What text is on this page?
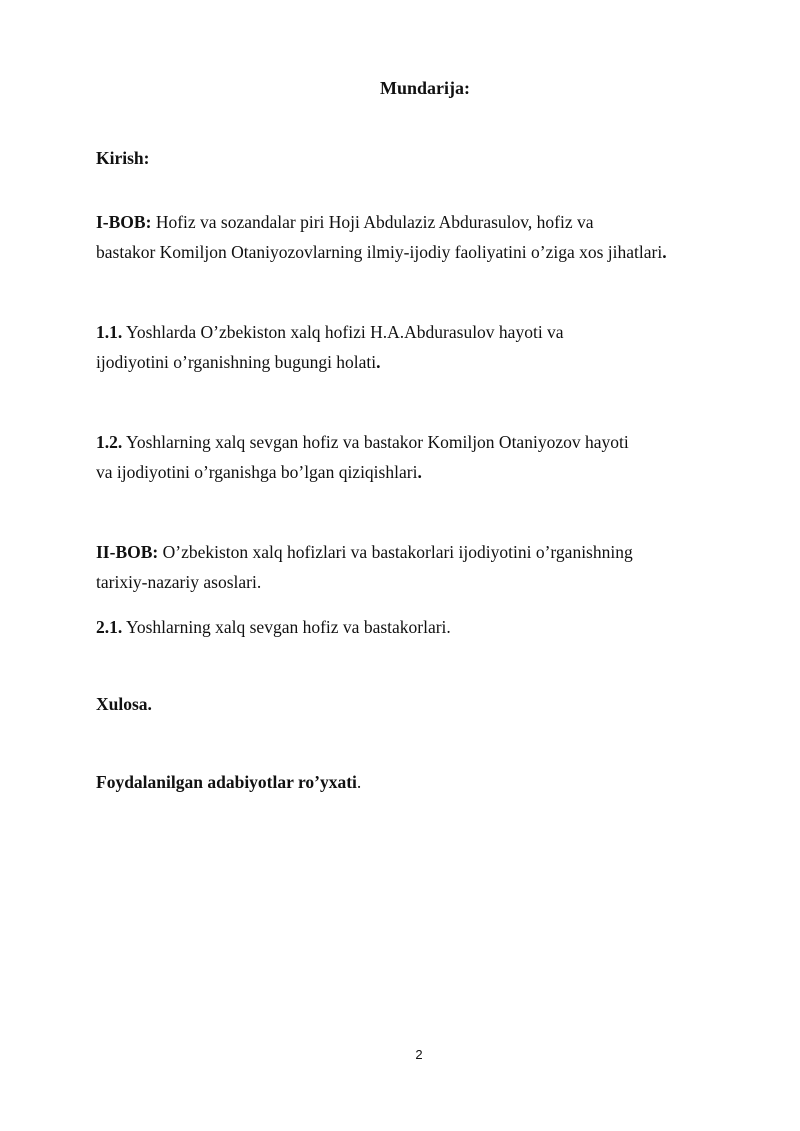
Mundarija:
Kirish:
I-BOB: Hofiz va sozandalar piri Hoji Abdulaziz Abdurasulov, hofiz va
bastakor Komiljon Otaniyozovlarning ilmiy-ijodiy faoliyatini o’ziga xos jihatlari.
1.1. Yoshlarda O’zbekiston xalq hofizi H.A.Abdurasulov hayoti va
ijodiyotini o’rganishning bugungi holati.
1.2. Yoshlarning xalq sevgan hofiz va bastakor Komiljon Otaniyozov hayoti
va ijodiyotini o’rganishga bo’lgan qiziqishlari.
II-BOB: O’zbekiston xalq hofizlari va bastakorlari ijodiyotini o’rganishning
tarixiy-nazariy asoslari.
2.1. Yoshlarning xalq sevgan hofiz va bastakorlari.
Xulosa.
Foydalanilgan adabiyotlar ro’yxati.
2
